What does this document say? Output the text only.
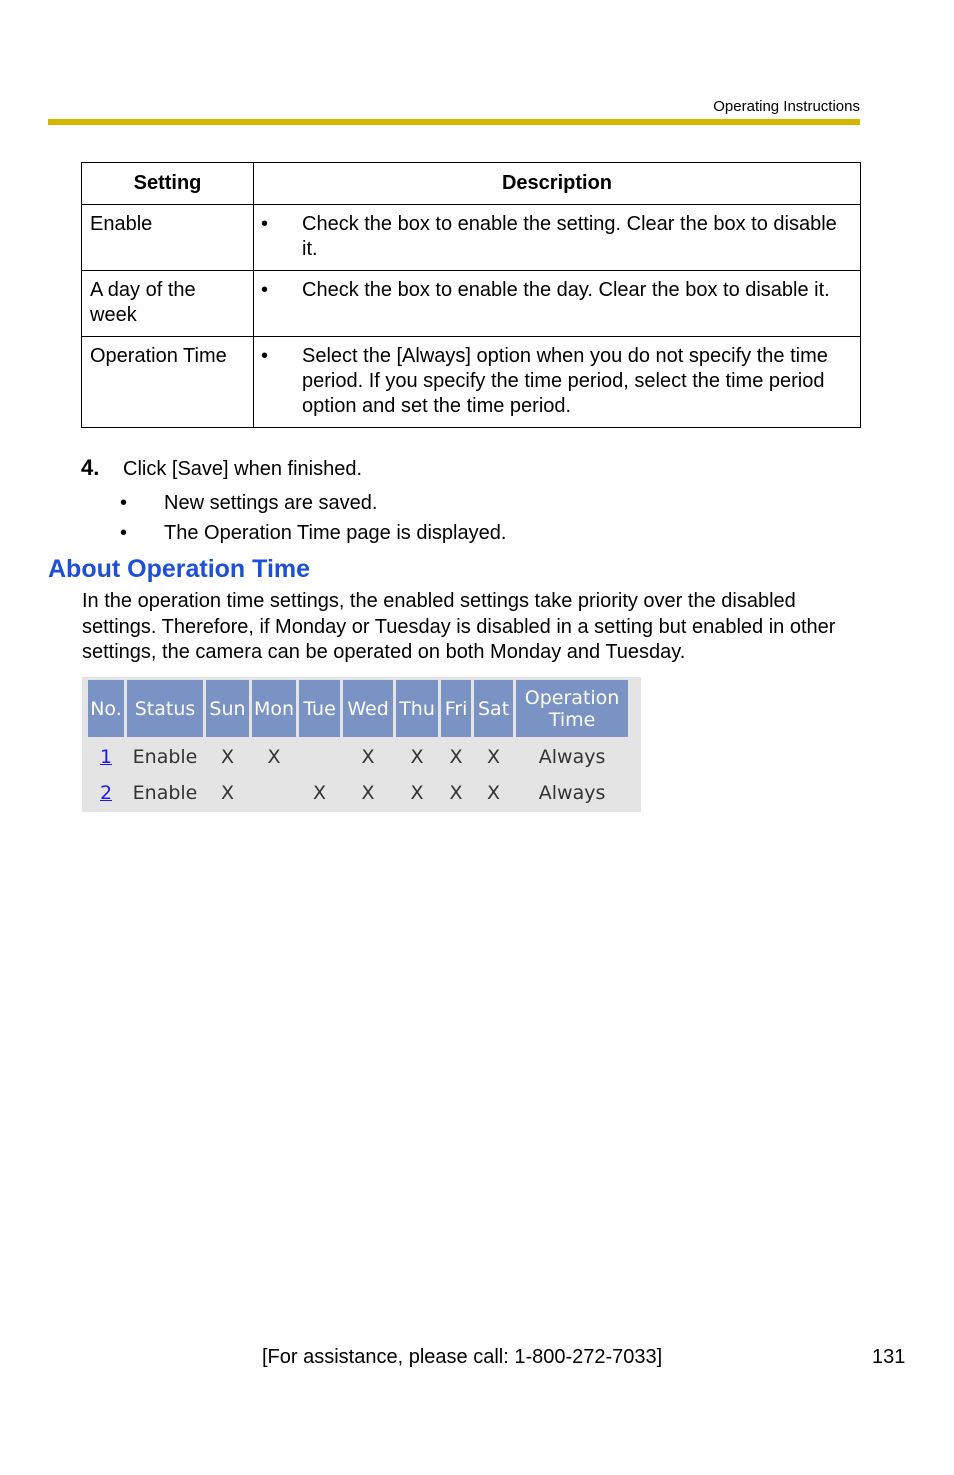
Operating Instructions
Setting	Description
Enable	• Check the box to enable the setting. Clear the box to disable it.

A day of the week	• Check the box to enable the day. Clear the box to disable it.

Operation Time	• Select the [Always] option when you do not specify the time period. If you specify the time period, select the time period option and set the time period.
4. Click [Save] when finished.
•	New settings are saved.
•	The Operation Time page is displayed.
About Operation Time
In the operation time settings, the enabled settings take priority over the disabled settings. Therefore, if Monday or Tuesday is disabled in a setting but enabled in other settings, the camera can be operated on both Monday and Tuesday.
No.	Status	Sun	Mon	Tue	Wed	Thu	Fri	Sat	Operation Time
1	Enable	X	X		X	X	X	X	Always
2	Enable	X		X	X	X	X	X	Always
[For assistance, please call: 1-800-272-7033]	131
